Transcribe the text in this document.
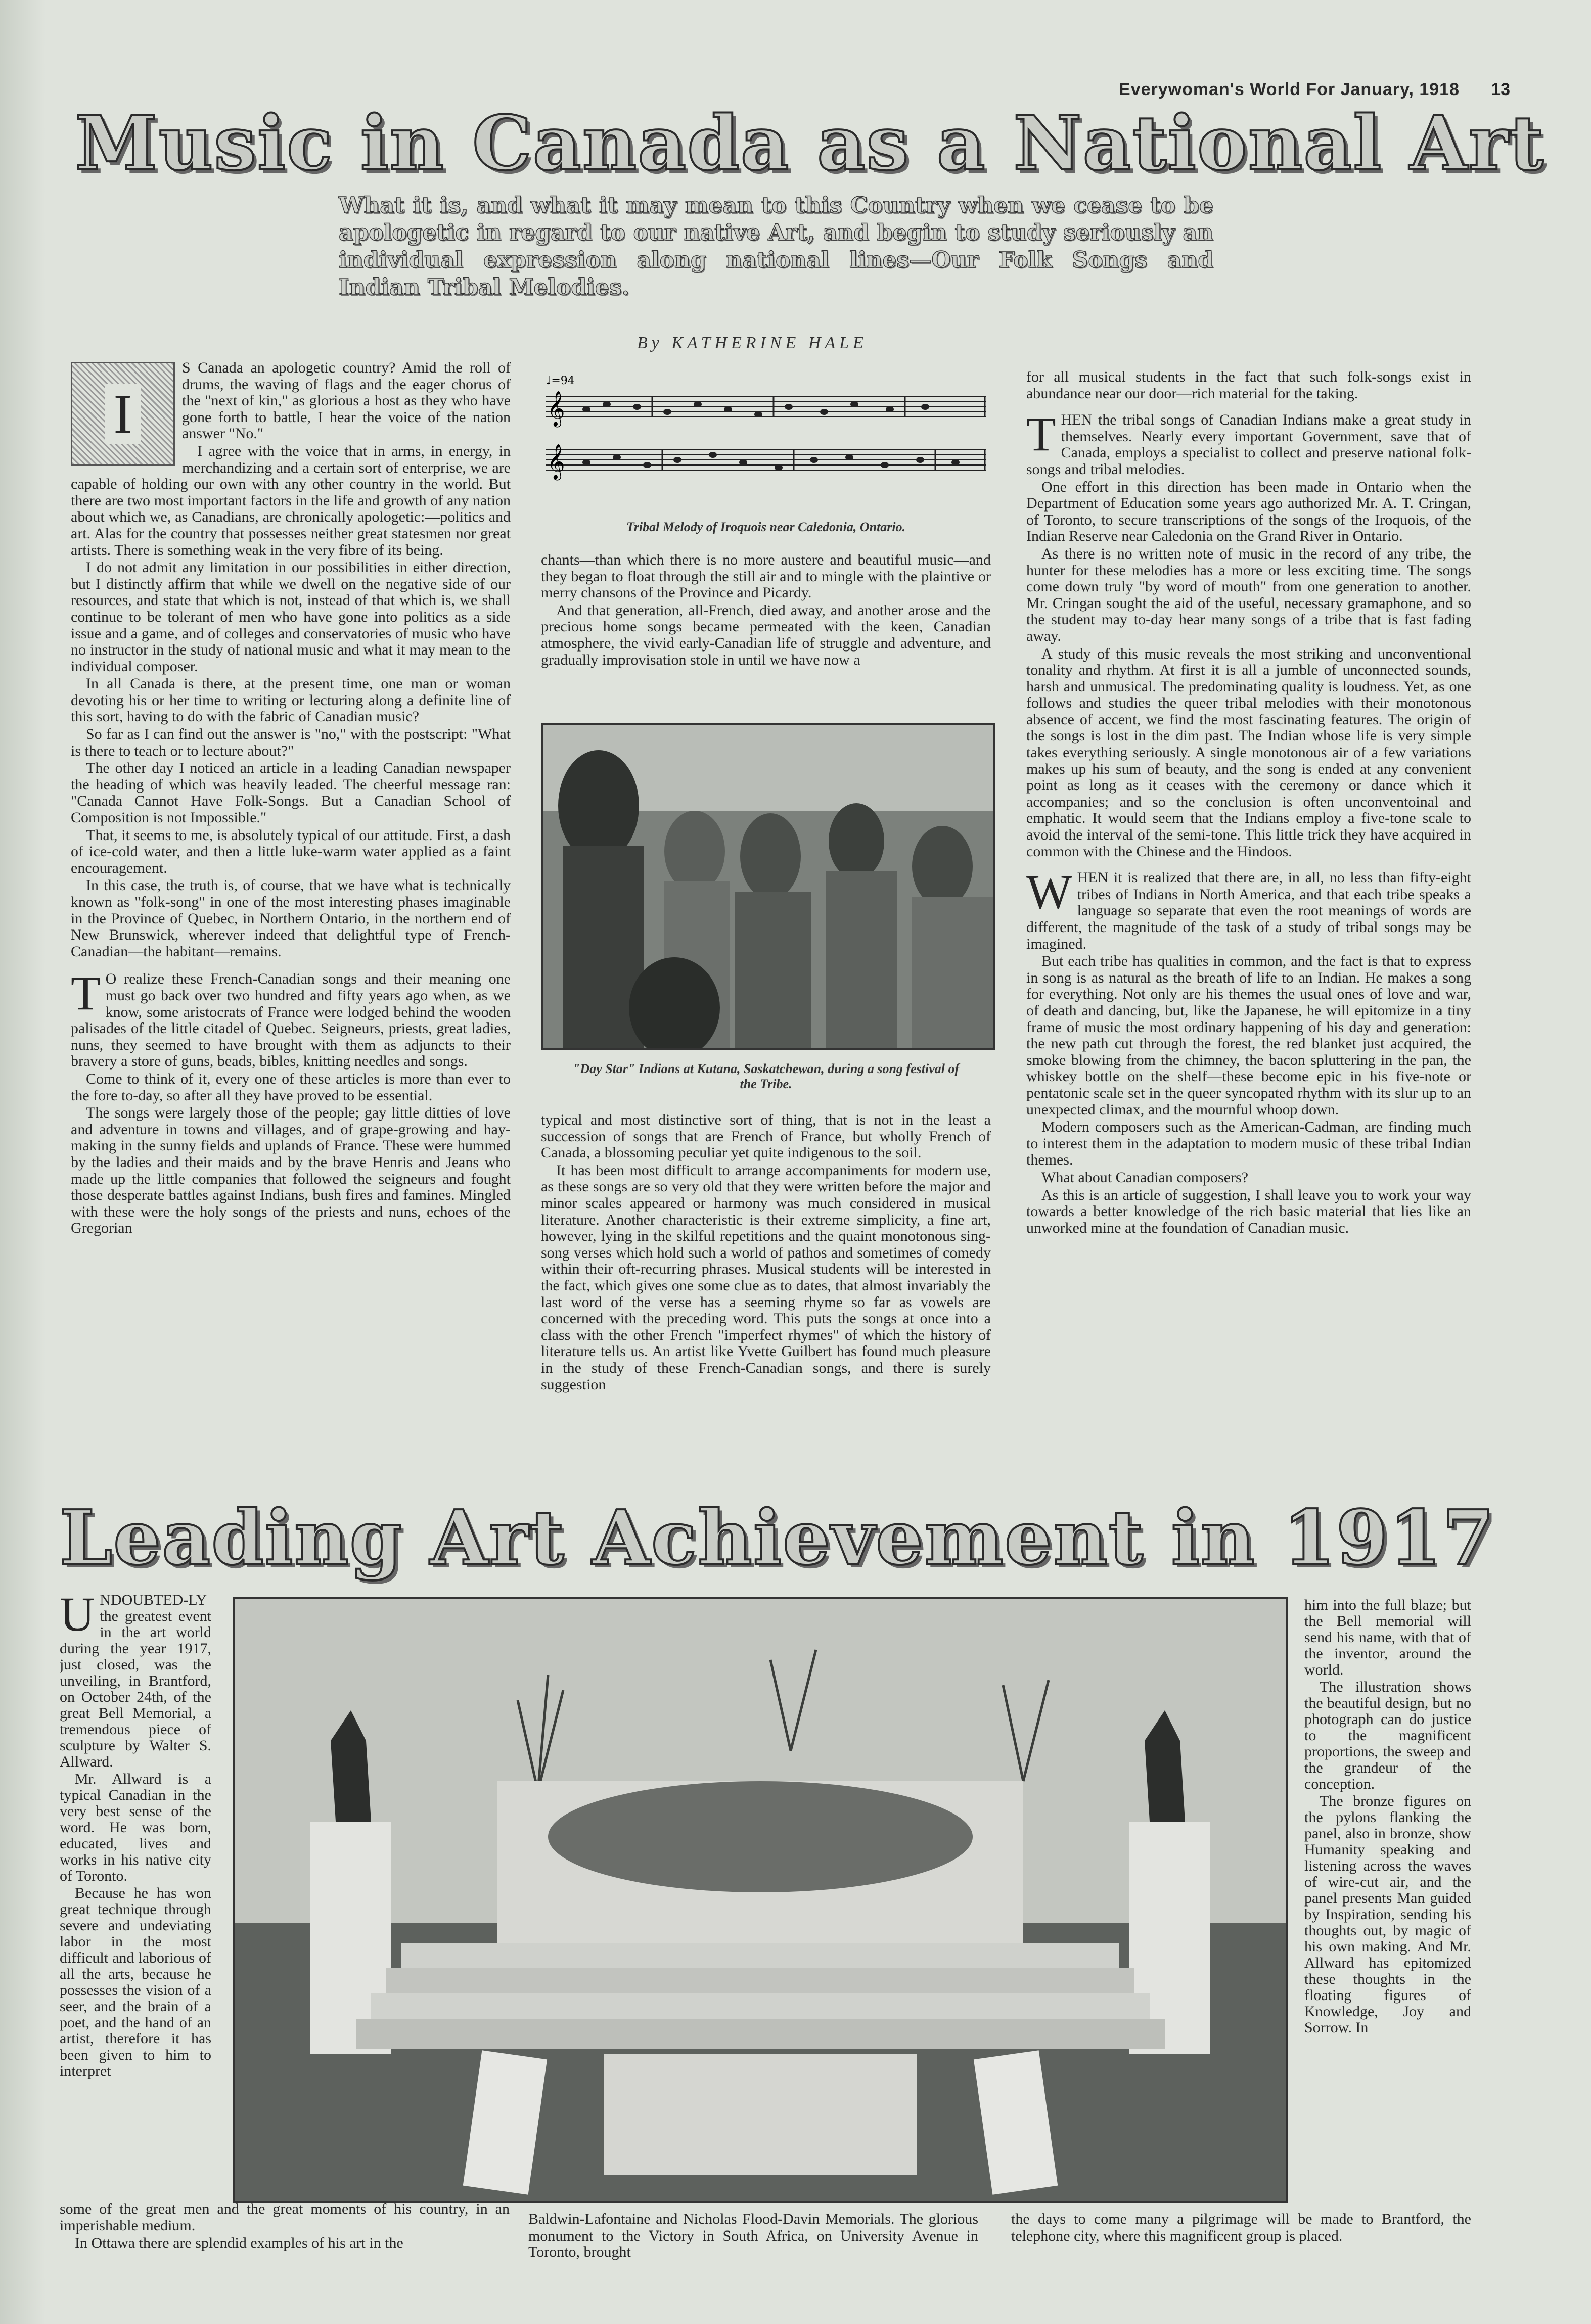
Everywoman's World For January, 1918 13
Music in Canada as a National Art
What it is, and what it may mean to this Country when we cease to be apologetic in regard to our native Art, and begin to study seriously an individual expression along national lines—Our Folk Songs and Indian Tribal Melodies.
By KATHERINE HALE
I

S Canada an apologetic country? Amid the roll of drums, the waving of flags and the eager chorus of the "next of kin," as glorious a host as they who have gone forth to battle, I hear the voice of the nation answer "No."

I agree with the voice that in arms, in energy, in merchandizing and a certain sort of enterprise, we are capable of holding our own with any other country in the world. But there are two most important factors in the life and growth of any nation about which we, as Canadians, are chronically apologetic:—politics and art. Alas for the country that possesses neither great statesmen nor great artists. There is something weak in the very fibre of its being.

I do not admit any limitation in our possibilities in either direction, but I distinctly affirm that while we dwell on the negative side of our resources, and state that which is not, instead of that which is, we shall continue to be tolerant of men who have gone into politics as a side issue and a game, and of colleges and conservatories of music who have no instructor in the study of national music and what it may mean to the individual composer.

In all Canada is there, at the present time, one man or woman devoting his or her time to writing or lecturing along a definite line of this sort, having to do with the fabric of Canadian music?

So far as I can find out the answer is "no," with the postscript: "What is there to teach or to lecture about?"

The other day I noticed an article in a leading Canadian newspaper the heading of which was heavily leaded. The cheerful message ran: "Canada Cannot Have Folk-Songs. But a Canadian School of Composition is not Impossible."

That, it seems to me, is absolutely typical of our attitude. First, a dash of ice-cold water, and then a little luke-warm water applied as a faint encouragement.

In this case, the truth is, of course, that we have what is technically known as "folk-song" in one of the most interesting phases imaginable in the Province of Quebec, in Northern Ontario, in the northern end of New Brunswick, wherever indeed that delightful type of French-Canadian—the habitant—remains.

T O realize these French-Canadian songs and their meaning one must go back over two hundred and fifty years ago when, as we know, some aristocrats of France were lodged behind the wooden palisades of the little citadel of Quebec. Seigneurs, priests, great ladies, nuns, they seemed to have brought with them as adjuncts to their bravery a store of guns, beads, bibles, knitting needles and songs.

Come to think of it, every one of these articles is more than ever to the fore to-day, so after all they have proved to be essential.

The songs were largely those of the people; gay little ditties of love and adventure in towns and villages, and of grape-growing and hay-making in the sunny fields and uplands of France. These were hummed by the ladies and their maids and by the brave Henris and Jeans who made up the little companies that followed the seigneurs and fought those desperate battles against Indians, bush fires and famines. Mingled with these were the holy songs of the priests and nuns, echoes of the Gregorian

♩=94
𝄞
𝄞
Tribal Melody of Iroquois near Caledonia, Ontario.

chants—than which there is no more austere and beautiful music—and they began to float through the still air and to mingle with the plaintive or merry chansons of the Province and Picardy.

And that generation, all-French, died away, and another arose and the precious home songs became permeated with the keen, Canadian atmosphere, the vivid early-Canadian life of struggle and adventure, and gradually improvisation stole in until we have now a

"Day Star" Indians at Kutana, Saskatchewan, during a song festival of the Tribe.

typical and most distinctive sort of thing, that is not in the least a succession of songs that are French of France, but wholly French of Canada, a blossoming peculiar yet quite indigenous to the soil.

It has been most difficult to arrange accompaniments for modern use, as these songs are so very old that they were written before the major and minor scales appeared or harmony was much considered in musical literature. Another characteristic is their extreme simplicity, a fine art, however, lying in the skilful repetitions and the quaint monotonous sing-song verses which hold such a world of pathos and sometimes of comedy within their oft-recurring phrases. Musical students will be interested in the fact, which gives one some clue as to dates, that almost invariably the last word of the verse has a seeming rhyme so far as vowels are concerned with the preceding word. This puts the songs at once into a class with the other French "imperfect rhymes" of which the history of literature tells us. An artist like Yvette Guilbert has found much pleasure in the study of these French-Canadian songs, and there is surely suggestion

for all musical students in the fact that such folk-songs exist in abundance near our door—rich material for the taking.

THEN the tribal songs of Canadian Indians make a great study in themselves. Nearly every important Government, save that of Canada, employs a specialist to collect and preserve national folk-songs and tribal melodies.

One effort in this direction has been made in Ontario when the Department of Education some years ago authorized Mr. A. T. Cringan, of Toronto, to secure transcriptions of the songs of the Iroquois, of the Indian Reserve near Caledonia on the Grand River in Ontario.

As there is no written note of music in the record of any tribe, the hunter for these melodies has a more or less exciting time. The songs come down truly "by word of mouth" from one generation to another. Mr. Cringan sought the aid of the useful, necessary gramaphone, and so the student may to-day hear many songs of a tribe that is fast fading away.

A study of this music reveals the most striking and unconventional tonality and rhythm. At first it is all a jumble of unconnected sounds, harsh and unmusical. The predominating quality is loudness. Yet, as one follows and studies the queer tribal melodies with their monotonous absence of accent, we find the most fascinating features. The origin of the songs is lost in the dim past. The Indian whose life is very simple takes everything seriously. A single monotonous air of a few variations makes up his sum of beauty, and the song is ended at any convenient point as long as it ceases with the ceremony or dance which it accompanies; and so the conclusion is often unconventoinal and emphatic. It would seem that the Indians employ a five-tone scale to avoid the interval of the semi-tone. This little trick they have acquired in common with the Chinese and the Hindoos.

WHEN it is realized that there are, in all, no less than fifty-eight tribes of Indians in North America, and that each tribe speaks a language so separate that even the root meanings of words are different, the magnitude of the task of a study of tribal songs may be imagined.

But each tribe has qualities in common, and the fact is that to express in song is as natural as the breath of life to an Indian. He makes a song for everything. Not only are his themes the usual ones of love and war, of death and dancing, but, like the Japanese, he will epitomize in a tiny frame of music the most ordinary happening of his day and generation: the new path cut through the forest, the red blanket just acquired, the smoke blowing from the chimney, the bacon spluttering in the pan, the whiskey bottle on the shelf—these become epic in his five-note or pentatonic scale set in the queer syncopated rhythm with its slur up to an unexpected climax, and the mournful whoop down.

Modern composers such as the American-Cadman, are finding much to interest them in the adaptation to modern music of these tribal Indian themes.

What about Canadian composers?

As this is an article of suggestion, I shall leave you to work your way towards a better knowledge of the rich basic material that lies like an unworked mine at the foundation of Canadian music.

Leading Art Achievement in 1917

UNDOUBTED-LY the greatest event in the art world during the year 1917, just closed, was the unveiling, in Brantford, on October 24th, of the great Bell Memorial, a tremendous piece of sculpture by Walter S. Allward.

Mr. Allward is a typical Canadian in the very best sense of the word. He was born, educated, lives and works in his native city of Toronto.

Because he has won great technique through severe and undeviating labor in the most difficult and laborious of all the arts, because he possesses the vision of a seer, and the brain of a poet, and the hand of an artist, therefore it has been given to him to interpret

him into the full blaze; but the Bell memorial will send his name, with that of the inventor, around the world.

The illustration shows the beautiful design, but no photograph can do justice to the magnificent proportions, the sweep and the grandeur of the conception.

The bronze figures on the pylons flanking the panel, also in bronze, show Humanity speaking and listening across the waves of wire-cut air, and the panel presents Man guided by Inspiration, sending his thoughts out, by magic of his own making. And Mr. Allward has epitomized these thoughts in the floating figures of Knowledge, Joy and Sorrow. In

some of the great men and the great moments of his country, in an imperishable medium.

In Ottawa there are splendid examples of his art in the

Baldwin-Lafontaine and Nicholas Flood-Davin Memorials. The glorious monument to the Victory in South Africa, on University Avenue in Toronto, brought

the days to come many a pilgrimage will be made to Brantford, the telephone city, where this magnificent group is placed.
